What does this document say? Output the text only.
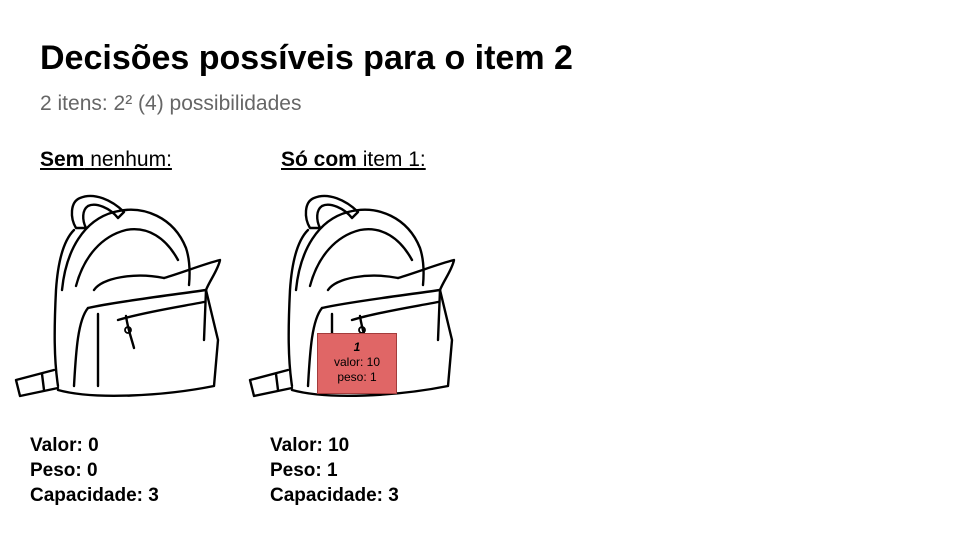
Decisões possíveis para o item 2
2 itens: 2² (4) possibilidades
Sem nenhum:
Valor: 0
Peso: 0
Capacidade: 3
Só com item 1:
1
valor: 10
peso: 1
Valor: 10
Peso: 1
Capacidade: 3
